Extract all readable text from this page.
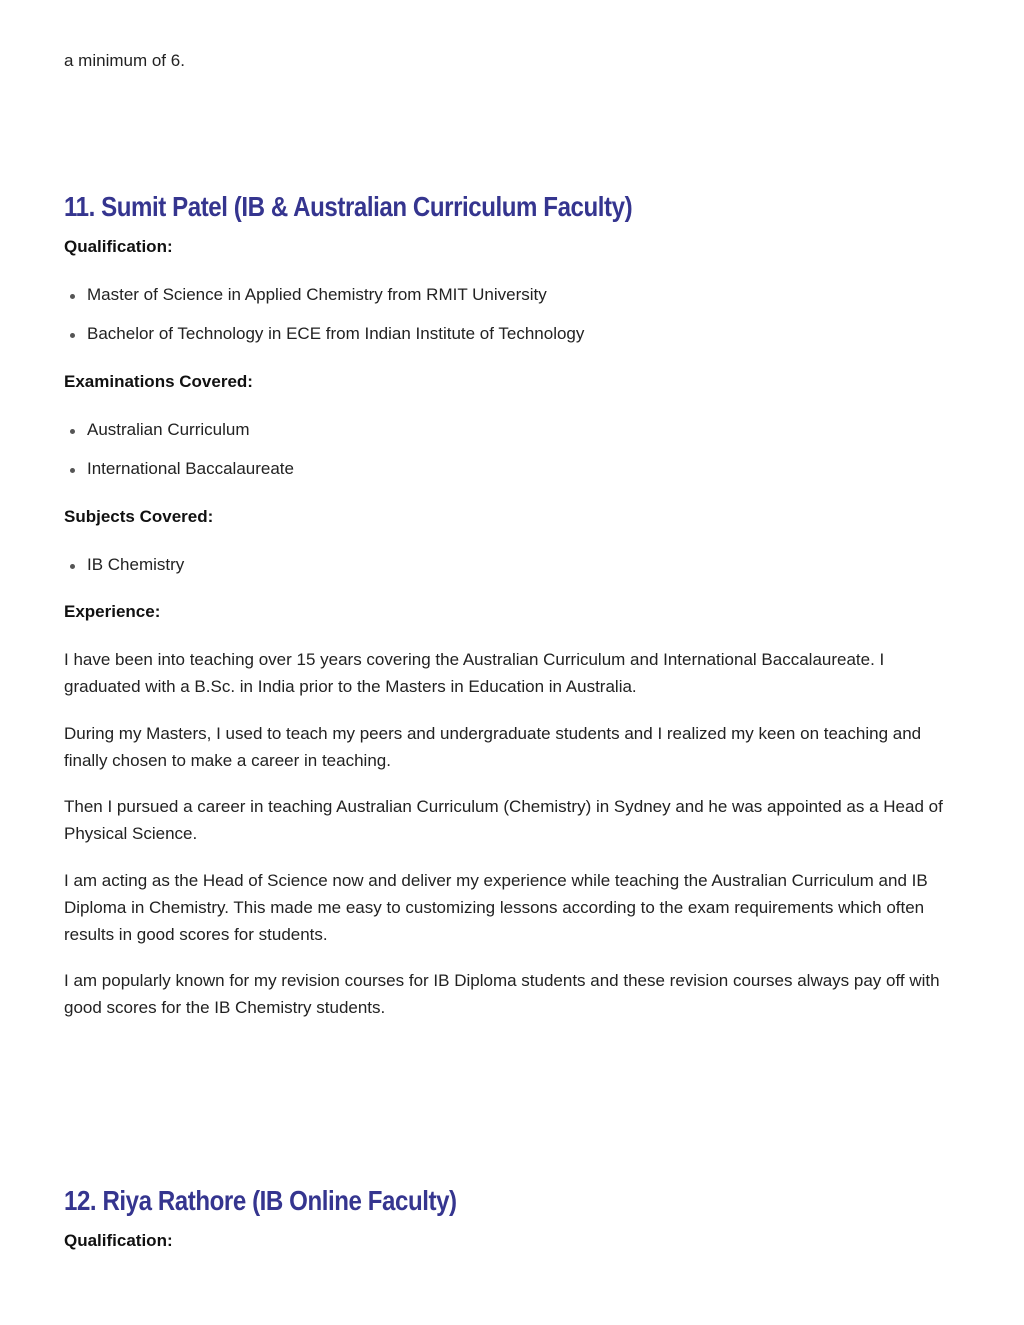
a minimum of 6.

11. Sumit Patel (IB & Australian Curriculum Faculty)

Qualification:

Master of Science in Applied Chemistry from RMIT University
Bachelor of Technology in ECE from Indian Institute of Technology

Examinations Covered:

Australian Curriculum
International Baccalaureate

Subjects Covered:

IB Chemistry

Experience:

I have been into teaching over 15 years covering the Australian Curriculum and International Baccalaureate. I graduated with a B.Sc. in India prior to the Masters in Education in Australia.

During my Masters, I used to teach my peers and undergraduate students and I realized my keen on teaching and finally chosen to make a career in teaching.

Then I pursued a career in teaching Australian Curriculum (Chemistry) in Sydney and he was appointed as a Head of Physical Science.

I am acting as the Head of Science now and deliver my experience while teaching the Australian Curriculum and IB Diploma in Chemistry. This made me easy to customizing lessons according to the exam requirements which often results in good scores for students.

I am popularly known for my revision courses for IB Diploma students and these revision courses always pay off with good scores for the IB Chemistry students.

12. Riya Rathore (IB Online Faculty)

Qualification:
